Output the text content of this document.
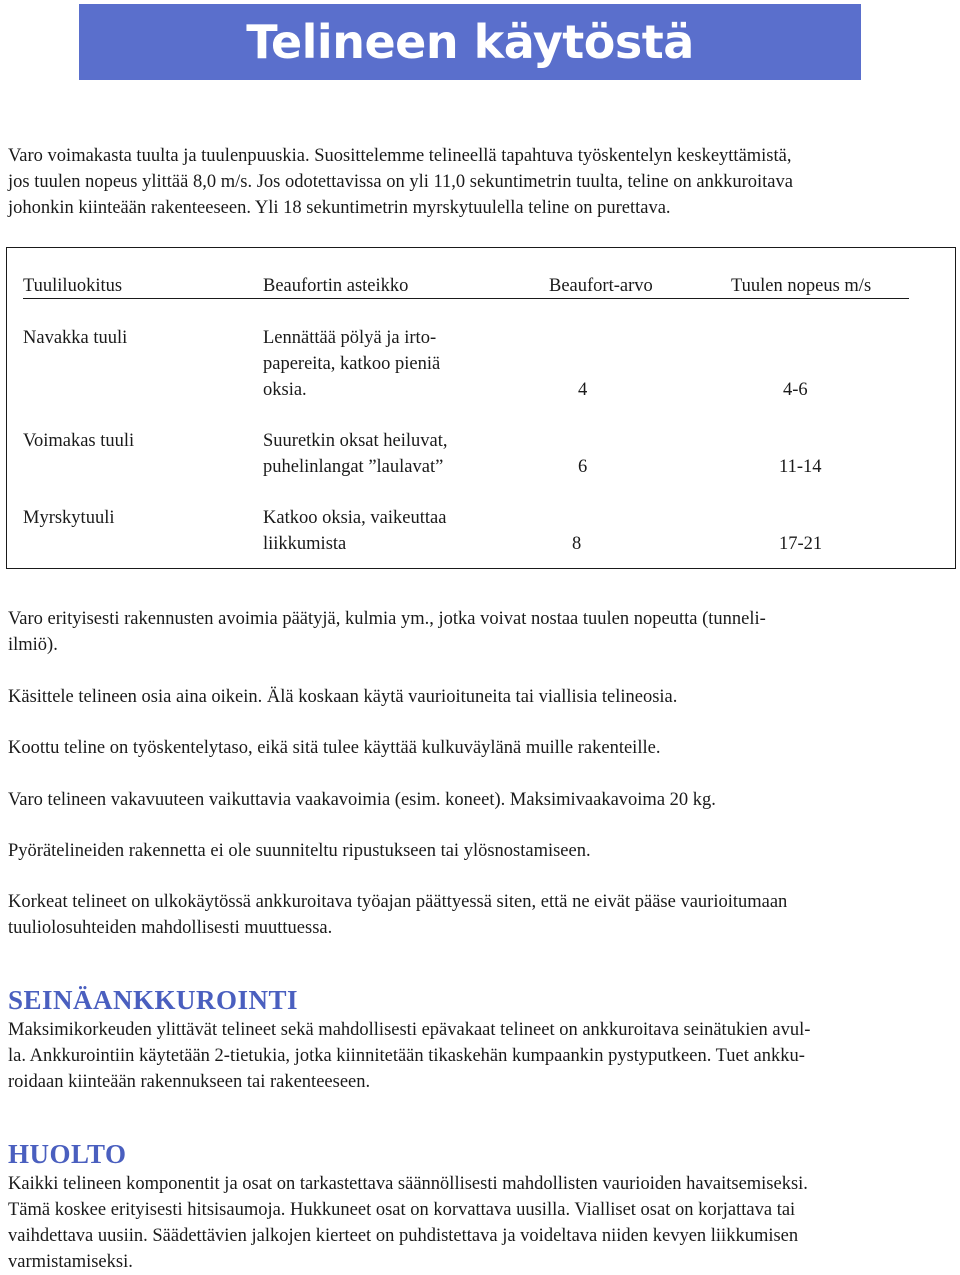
Telineen käytöstä

Varo voimakasta tuulta ja tuulenpuuskia. Suosittelemme telineellä tapahtuva työskentelyn keskeyttämistä,
jos tuulen nopeus ylittää 8,0 m/s. Jos odotettavissa on yli 11,0 sekuntimetrin tuulta, teline on ankkuroitava
johonkin kiinteään rakenteeseen. Yli 18 sekuntimetrin myrskytuulella teline on purettava.

Tuuliluokitus	Beaufortin asteikko	Beaufort-arvo	Tuulen nopeus m/s
Navakka tuuli	Lennättää pölyä ja irto-
papereita, katkoo pieniä
oksia.	4	4-6
Voimakas tuuli	Suuretkin oksat heiluvat,
puhelinlangat ”laulavat”	6	11-14
Myrskytuuli	Katkoo oksia, vaikeuttaa
liikkumista	8	17-21

Varo erityisesti rakennusten avoimia päätyjä, kulmia ym., jotka voivat nostaa tuulen nopeutta (tunneli-
ilmiö).

Käsittele telineen osia aina oikein. Älä koskaan käytä vaurioituneita tai viallisia telineosia.

Koottu teline on työskentelytaso, eikä sitä tulee käyttää kulkuväylänä muille rakenteille.

Varo telineen vakavuuteen vaikuttavia vaakavoimia (esim. koneet). Maksimivaakavoima 20 kg.

Pyörätelineiden rakennetta ei ole suunniteltu ripustukseen tai ylösnostamiseen.

Korkeat telineet on ulkokäytössä ankkuroitava työajan päättyessä siten, että ne eivät pääse vaurioitumaan
tuuliolosuhteiden mahdollisesti muuttuessa.

SEINÄANKKUROINTI

Maksimikorkeuden ylittävät telineet sekä mahdollisesti epävakaat telineet on ankkuroitava seinätukien avul-
la. Ankkurointiin käytetään 2-tietukia, jotka kiinnitetään tikaskehän kumpaankin pystyputkeen. Tuet ankku-
roidaan kiinteään rakennukseen tai rakenteeseen.

HUOLTO

Kaikki telineen komponentit ja osat on tarkastettava säännöllisesti mahdollisten vaurioiden havaitsemiseksi.
Tämä koskee erityisesti hitsisaumoja. Hukkuneet osat on korvattava uusilla. Vialliset osat on korjattava tai
vaihdettava uusiin. Säädettävien jalkojen kierteet on puhdistettava ja voideltava niiden kevyen liikkumisen
varmistamiseksi.
